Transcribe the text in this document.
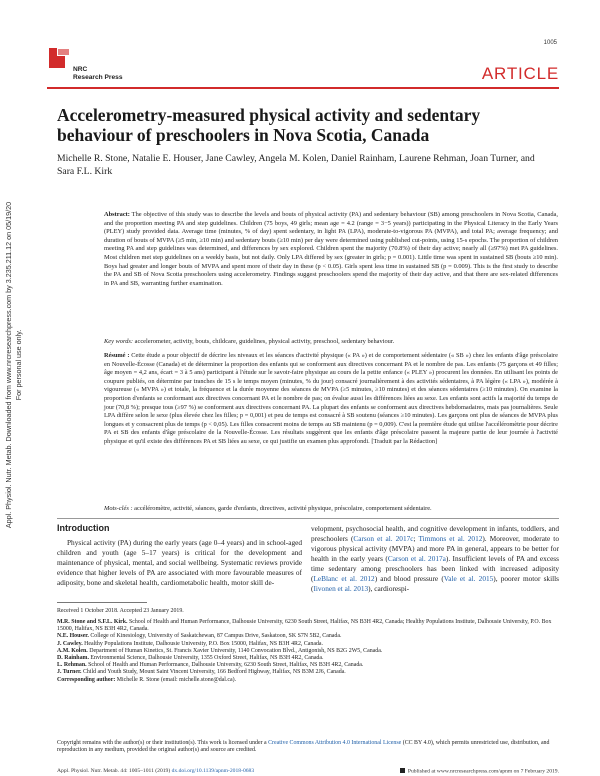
Appl. Physiol. Nutr. Metab. Downloaded from www.nrcresearchpress.com by 3.235.211.12 on 05/19/20 For personal use only.
1005
NRC
Research Press	ARTICLE
Accelerometry-measured physical activity and sedentary behaviour of preschoolers in Nova Scotia, Canada
Michelle R. Stone, Natalie E. Houser, Jane Cawley, Angela M. Kolen, Daniel Rainham, Laurene Rehman, Joan Turner, and Sara F.L. Kirk

Abstract: The objective of this study was to describe the levels and bouts of physical activity (PA) and sedentary behaviour (SB) among preschoolers in Nova Scotia, Canada, and the proportion meeting PA and step guidelines. Children (75 boys, 49 girls; mean age = 4.2 (range = 3−5 years)) participating in the Physical Literacy in the Early Years (PLEY) study provided data. Average time (minutes, % of day) spent sedentary, in light PA (LPA), moderate-to-vigorous PA (MVPA), and total PA; average frequency; and duration of bouts of MVPA (≥5 min, ≥10 min) and sedentary bouts (≥10 min) per day were determined using published cut-points, using 15-s epochs. The proportion of children meeting PA and step guidelines was determined, and differences by sex explored. Children spent the majority (70.8%) of their day active; nearly all (≥97%) met PA guidelines. Most children met step guidelines on a weekly basis, but not daily. Only LPA differed by sex (greater in girls; p = 0.001). Little time was spent in sustained SB (bouts ≥10 min). Boys had greater and longer bouts of MVPA and spent more of their day in these (p < 0.05). Girls spent less time in sustained SB (p = 0.009). This is the first study to describe the PA and SB of Nova Scotia preschoolers using accelerometry. Findings suggest preschoolers spend the majority of their day active, and that there are sex-related differences in PA and SB, warranting further examination.

Key words: accelerometer, activity, bouts, childcare, guidelines, physical activity, preschool, sedentary behaviour.

Résumé : Cette étude a pour objectif de décrire les niveaux et les séances d'activité physique (« PA ») et de comportement sédentaire (« SB ») chez les enfants d'âge préscolaire en Nouvelle-Écosse (Canada) et de déterminer la proportion des enfants qui se conforment aux directives concernant PA et le nombre de pas. Les enfants (75 garçons et 49 filles; âge moyen = 4,2 ans, écart = 3 à 5 ans) participant à l'étude sur le savoir-faire physique au cours de la petite enfance (« PLEY ») procurent les données. En utilisant les points de coupure publiés, on détermine par tranches de 15 s le temps moyen (minutes, % du jour) consacré journalièrement à des activités sédentaires, à PA légère (« LPA »), modérée à vigoureuse (« MVPA ») et totale, la fréquence et la durée moyenne des séances de MVPA (≥5 minutes, ≥10 minutes) et des séances sédentaires (≥10 minutes). On examine la proportion d'enfants se conformant aux directives concernant PA et le nombre de pas; on évalue aussi les différences liées au sexe. Les enfants sont actifs la majorité du temps de jour (70,8 %); presque tous (≥97 %) se conforment aux directives concernant PA. La plupart des enfants se conforment aux directives hebdomadaires, mais pas journalières. Seule LPA diffère selon le sexe (plus élevée chez les filles; p = 0,001) et peu de temps est consacré à SB soutenu (séances ≥10 minutes). Les garçons ont plus de séances de MVPA plus longues et y consacrent plus de temps (p < 0,05). Les filles consacrent moins de temps au SB maintenu (p = 0,009). C'est la première étude qui utilise l'accéléromètrie pour décrire PA et SB des enfants d'âge préscolaire de la Nouvelle-Écosse. Les résultats suggèrent que les enfants d'âge préscolaire passent la majeure partie de leur journée à l'activité physique et qu'il existe des différences PA et SB liées au sexe, ce qui justifie un examen plus approfondi. [Traduit par la Rédaction]

Mots-clés : accéléromètre, activité, séances, garde d'enfants, directives, activité physique, préscolaire, comportement sédentaire.

Introduction

Physical activity (PA) during the early years (age 0–4 years) and in school-aged children and youth (age 5–17 years) is critical for the development and maintenance of physical, mental, and social wellbeing. Systematic reviews provide evidence that higher levels of PA are associated with more favourable measures of adiposity, bone and skeletal health, cardiometabolic health, motor skill de-

velopment, psychosocial health, and cognitive development in infants, toddlers, and preschoolers (Carson et al. 2017c; Timmons et al. 2012). Moreover, moderate to vigorous physical activity (MVPA) and more PA in general, appears to be better for health in the early years (Carson et al. 2017a). Insufficient levels of PA and excess time sedentary among preschoolers has been linked with increased adiposity (LeBlanc et al. 2012) and blood pressure (Vale et al. 2015), poorer motor skills (Iivonen et al. 2013), cardiorespi-

Received 1 October 2018. Accepted 23 January 2019.
M.R. Stone and S.F.L. Kirk. School of Health and Human Performance, Dalhousie University, 6230 South Street, Halifax, NS B3H 4R2, Canada; Healthy Populations Institute, Dalhousie University, P.O. Box 15000, Halifax, NS B3H 4R2, Canada.
N.E. Houser. College of Kinesiology, University of Saskatchewan, 87 Campus Drive, Saskatoon, SK S7N 5B2, Canada.
J. Cawley. Healthy Populations Institute, Dalhousie University, P.O. Box 15000, Halifax, NS B3H 4R2, Canada.
A.M. Kolen. Department of Human Kinetics, St. Francis Xavier University, 1140 Convocation Blvd., Antigonish, NS B2G 2W5, Canada.
D. Rainham. Environmental Science, Dalhousie University, 1355 Oxford Street, Halifax, NS B3H 4R2, Canada.
L. Rehman. School of Health and Human Performance, Dalhousie University, 6230 South Street, Halifax, NS B3H 4R2, Canada.
J. Turner. Child and Youth Study, Mount Saint Vincent University, 166 Bedford Highway, Halifax, NS B3M 2J6, Canada.
Corresponding author: Michelle R. Stone (email: michelle.stone@dal.ca).
Copyright remains with the author(s) or their institution(s). This work is licensed under a Creative Commons Attribution 4.0 International License (CC BY 4.0), which permits unrestricted use, distribution, and reproduction in any medium, provided the original author(s) and source are credited.
Appl. Physiol. Nutr. Metab. 44: 1005–1011 (2019) dx.doi.org/10.1139/apnm-2018-0683	Published at www.nrcresearchpress.com/apnm on 7 February 2019.
